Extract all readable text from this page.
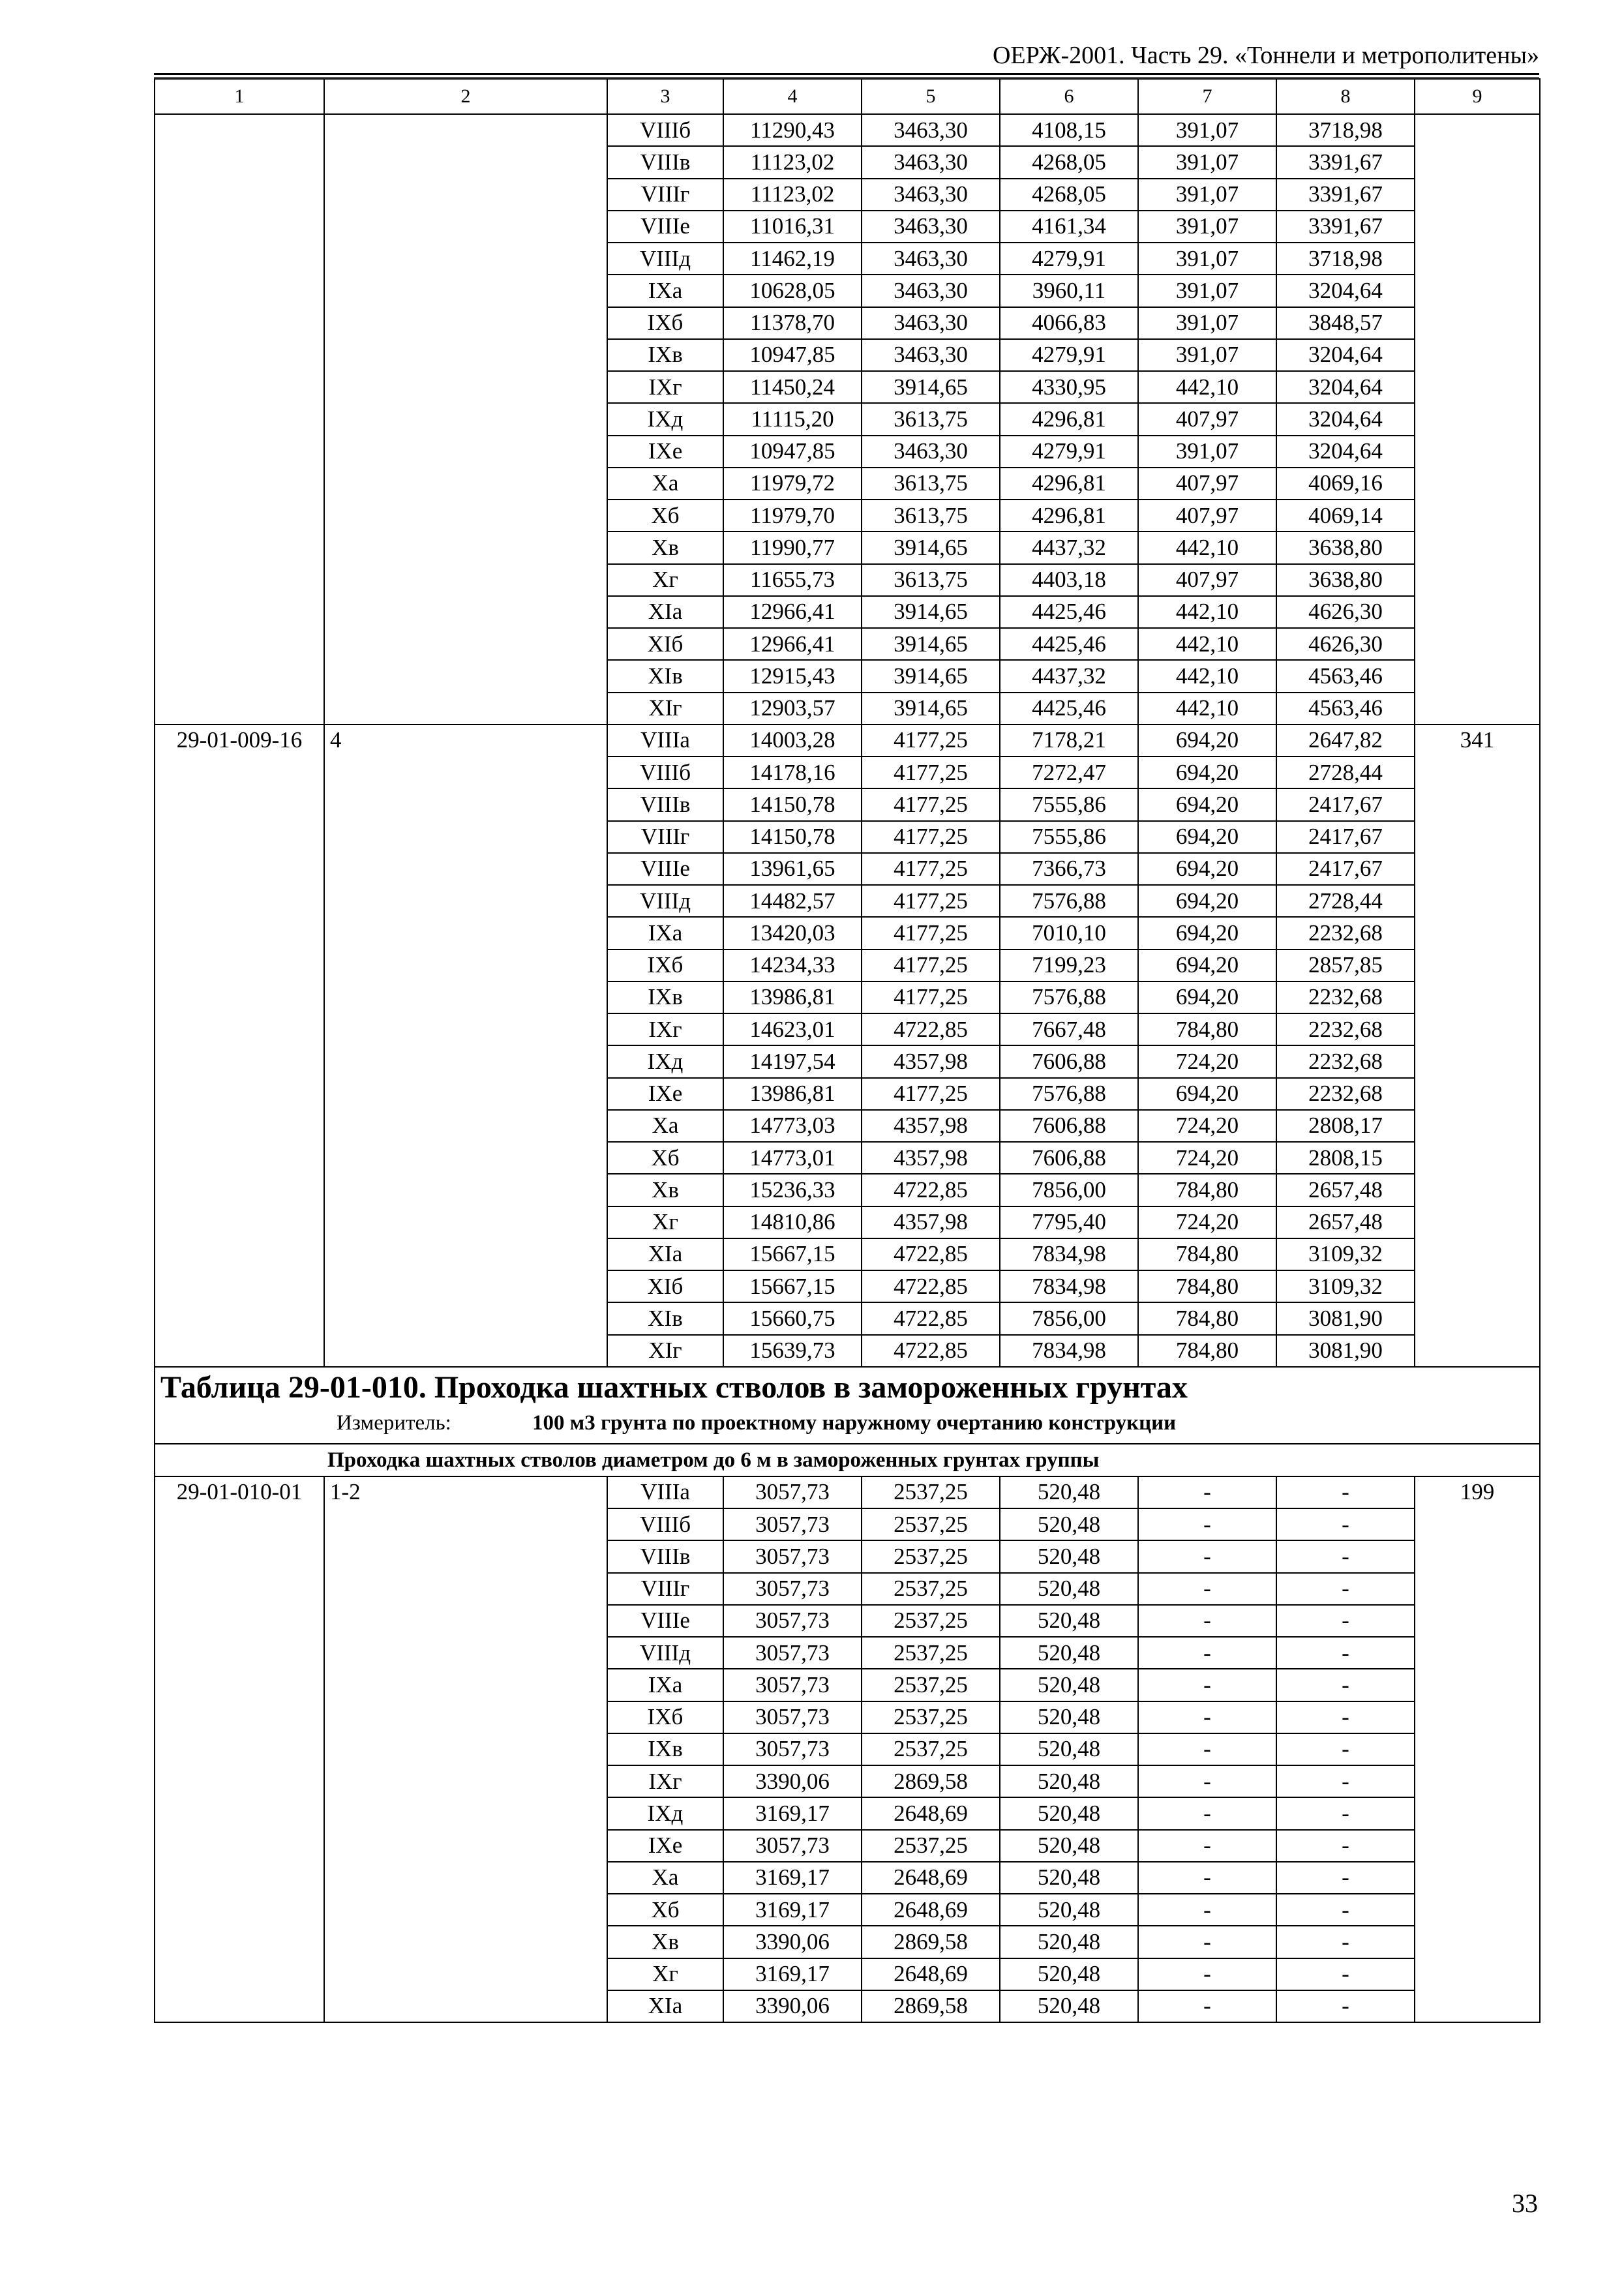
ОЕРЖ-2001. Часть 29. «Тоннели и метрополитены»
1	2	3	4	5	6	7	8	9
		VIIIб	11290,43	3463,30	4108,15	391,07	3718,98	
		VIIIв	11123,02	3463,30	4268,05	391,07	3391,67	
		VIIIг	11123,02	3463,30	4268,05	391,07	3391,67	
		VIIIе	11016,31	3463,30	4161,34	391,07	3391,67	
		VIIIд	11462,19	3463,30	4279,91	391,07	3718,98	
		IXа	10628,05	3463,30	3960,11	391,07	3204,64	
		IXб	11378,70	3463,30	4066,83	391,07	3848,57	
		IXв	10947,85	3463,30	4279,91	391,07	3204,64	
		IXг	11450,24	3914,65	4330,95	442,10	3204,64	
		IXд	11115,20	3613,75	4296,81	407,97	3204,64	
		IXе	10947,85	3463,30	4279,91	391,07	3204,64	
		Xа	11979,72	3613,75	4296,81	407,97	4069,16	
		Xб	11979,70	3613,75	4296,81	407,97	4069,14	
		Xв	11990,77	3914,65	4437,32	442,10	3638,80	
		Xг	11655,73	3613,75	4403,18	407,97	3638,80	
		XIа	12966,41	3914,65	4425,46	442,10	4626,30	
		XIб	12966,41	3914,65	4425,46	442,10	4626,30	
		XIв	12915,43	3914,65	4437,32	442,10	4563,46	
		XIг	12903,57	3914,65	4425,46	442,10	4563,46	
29-01-009-16	4	VIIIа	14003,28	4177,25	7178,21	694,20	2647,82	341
		VIIIб	14178,16	4177,25	7272,47	694,20	2728,44	
		VIIIв	14150,78	4177,25	7555,86	694,20	2417,67	
		VIIIг	14150,78	4177,25	7555,86	694,20	2417,67	
		VIIIе	13961,65	4177,25	7366,73	694,20	2417,67	
		VIIIд	14482,57	4177,25	7576,88	694,20	2728,44	
		IXа	13420,03	4177,25	7010,10	694,20	2232,68	
		IXб	14234,33	4177,25	7199,23	694,20	2857,85	
		IXв	13986,81	4177,25	7576,88	694,20	2232,68	
		IXг	14623,01	4722,85	7667,48	784,80	2232,68	
		IXд	14197,54	4357,98	7606,88	724,20	2232,68	
		IXе	13986,81	4177,25	7576,88	694,20	2232,68	
		Xа	14773,03	4357,98	7606,88	724,20	2808,17	
		Xб	14773,01	4357,98	7606,88	724,20	2808,15	
		Xв	15236,33	4722,85	7856,00	784,80	2657,48	
		Xг	14810,86	4357,98	7795,40	724,20	2657,48	
		XIа	15667,15	4722,85	7834,98	784,80	3109,32	
		XIб	15667,15	4722,85	7834,98	784,80	3109,32	
		XIв	15660,75	4722,85	7856,00	784,80	3081,90	
		XIг	15639,73	4722,85	7834,98	784,80	3081,90	

Таблица 29-01-010. Проходка шахтных стволов в замороженных грунтах
Измеритель: 100 м3 грунта по проектному наружному очертанию конструкции								

Проходка шахтных стволов диаметром до 6 м в замороженных грунтах группы								
29-01-010-01	1-2	VIIIа	3057,73	2537,25	520,48	-	-	199
		VIIIб	3057,73	2537,25	520,48	-	-	
		VIIIв	3057,73	2537,25	520,48	-	-	
		VIIIг	3057,73	2537,25	520,48	-	-	
		VIIIе	3057,73	2537,25	520,48	-	-	
		VIIIд	3057,73	2537,25	520,48	-	-	
		IXа	3057,73	2537,25	520,48	-	-	
		IXб	3057,73	2537,25	520,48	-	-	
		IXв	3057,73	2537,25	520,48	-	-	
		IXг	3390,06	2869,58	520,48	-	-	
		IXд	3169,17	2648,69	520,48	-	-	
		IXе	3057,73	2537,25	520,48	-	-	
		Xа	3169,17	2648,69	520,48	-	-	
		Xб	3169,17	2648,69	520,48	-	-	
		Xв	3390,06	2869,58	520,48	-	-	
		Xг	3169,17	2648,69	520,48	-	-	
		XIа	3390,06	2869,58	520,48	-	-	
33
